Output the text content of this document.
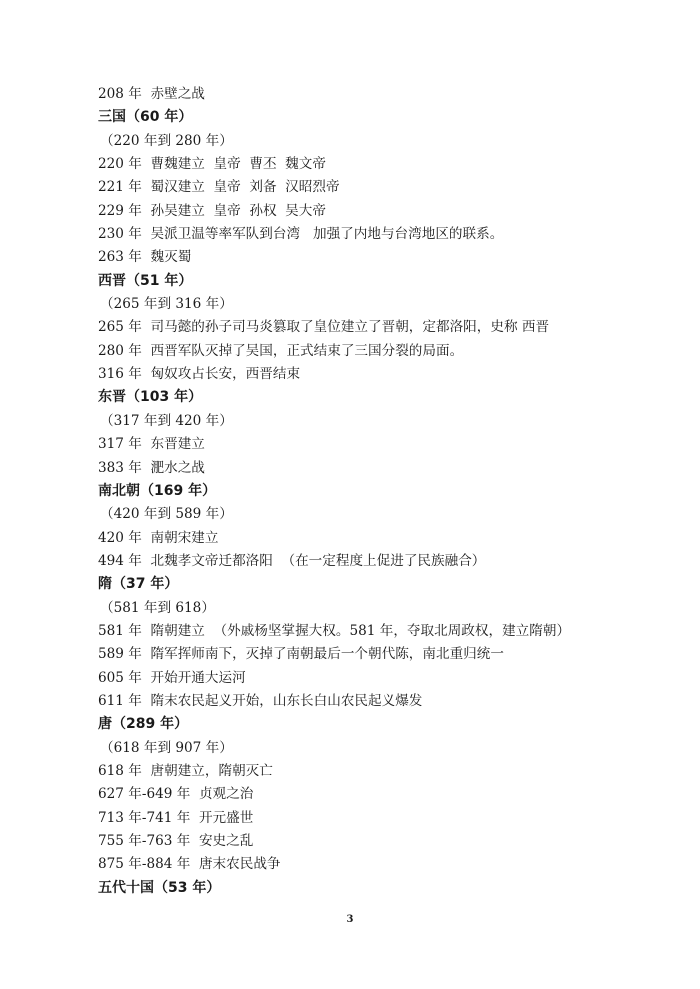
208 年  赤壁之战
三国（60 年）
（220 年到 280 年）
220 年  曹魏建立  皇帝  曹丕  魏文帝
221 年  蜀汉建立  皇帝  刘备  汉昭烈帝
229 年  孙吴建立  皇帝  孙权  吴大帝
230 年  吴派卫温等率军队到台湾   加强了内地与台湾地区的联系。
263 年  魏灭蜀
西晋（51 年）
（265 年到 316 年）
265 年  司马懿的孙子司马炎篡取了皇位建立了晋朝，定都洛阳，史称 西晋
280 年  西晋军队灭掉了吴国，正式结束了三国分裂的局面。
316 年  匈奴攻占长安，西晋结束
东晋（103 年）
（317 年到 420 年）
317 年  东晋建立
383 年  淝水之战
南北朝（169 年）
（420 年到 589 年）
420 年  南朝宋建立
494 年  北魏孝文帝迁都洛阳  （在一定程度上促进了民族融合）
隋（37 年）
（581 年到 618）
581 年  隋朝建立  （外戚杨坚掌握大权。581 年，夺取北周政权，建立隋朝）
589 年  隋军挥师南下，灭掉了南朝最后一个朝代陈，南北重归统一
605 年  开始开通大运河
611 年  隋末农民起义开始，山东长白山农民起义爆发
唐（289 年）
（618 年到 907 年）
618 年  唐朝建立，隋朝灭亡
627 年-649 年  贞观之治
713 年-741 年  开元盛世
755 年-763 年  安史之乱
875 年-884 年  唐末农民战争
五代十国（53 年）
3
